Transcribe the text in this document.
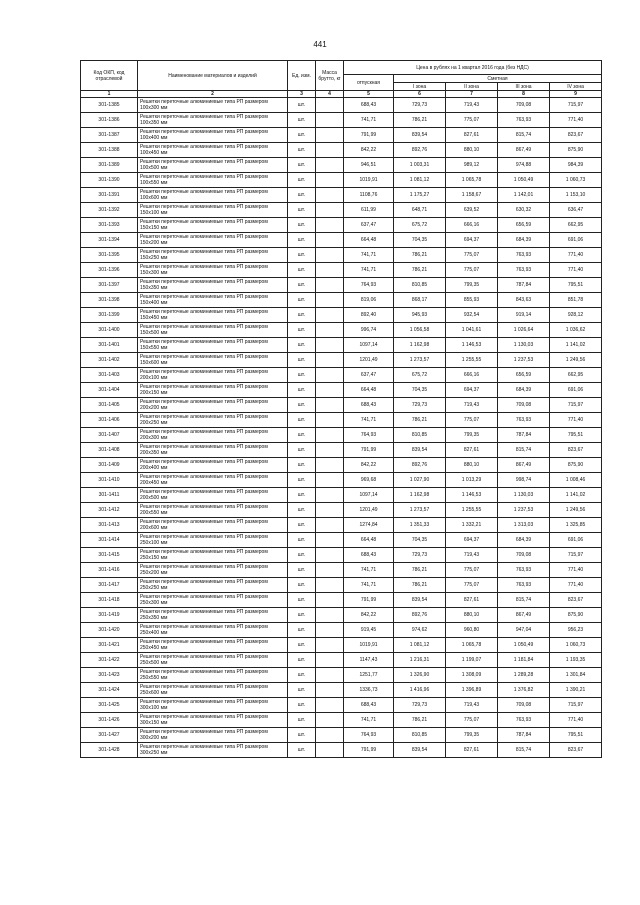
441
Код ОКП, код отраслевой	Наименование материалов и изделий	Ед. изм.	Масса брутто, кг	Цена в рублях на 1 квартал 2016 года (без НДС)				
				отпускная	Сметная			
					I зона	II зона	III зона	IV зона
1	2	3	4	5	6	7	8	9
301-1385	Решетки переточные алюминиевые типа РП размером 100х300 мм	шт.		688,43	729,73	719,43	709,08	715,97
301-1386	Решетки переточные алюминиевые типа РП размером 100х350 мм	шт.		741,71	786,21	775,07	763,93	771,40
301-1387	Решетки переточные алюминиевые типа РП размером 100х400 мм	шт.		791,99	839,54	827,61	815,74	823,67
301-1388	Решетки переточные алюминиевые типа РП размером 100х450 мм	шт.		842,22	892,76	880,10	867,49	875,90
301-1389	Решетки переточные алюминиевые типа РП размером 100х500 мм	шт.		946,51	1 003,31	989,12	974,88	984,39
301-1390	Решетки переточные алюминиевые типа РП размером 100х550 мм	шт.		1019,91	1 081,12	1 065,78	1 050,49	1 060,73
301-1391	Решетки переточные алюминиевые типа РП размером 100х600 мм	шт.		1108,76	1 175,27	1 158,67	1 142,01	1 153,10
301-1392	Решетки переточные алюминиевые типа РП размером 150х100 мм	шт.		611,99	648,71	639,52	630,32	636,47
301-1393	Решетки переточные алюминиевые типа РП размером 150х150 мм	шт.		637,47	675,72	666,16	656,59	662,95
301-1394	Решетки переточные алюминиевые типа РП размером 150х200 мм	шт.		664,48	704,35	694,37	684,39	691,06
301-1395	Решетки переточные алюминиевые типа РП размером 150х250 мм	шт.		741,71	786,21	775,07	763,93	771,40
301-1396	Решетки переточные алюминиевые типа РП размером 150х300 мм	шт.		741,71	786,21	775,07	763,93	771,40
301-1397	Решетки переточные алюминиевые типа РП размером 150х350 мм	шт.		764,93	810,85	799,35	787,84	795,51
301-1398	Решетки переточные алюминиевые типа РП размером 150х400 мм	шт.		819,06	868,17	855,93	843,63	851,78
301-1399	Решетки переточные алюминиевые типа РП размером 150х450 мм	шт.		892,40	945,93	932,54	919,14	928,12
301-1400	Решетки переточные алюминиевые типа РП размером 150х500 мм	шт.		996,74	1 056,58	1 041,61	1 026,64	1 036,62
301-1401	Решетки переточные алюминиевые типа РП размером 150х550 мм	шт.		1097,14	1 162,98	1 146,53	1 130,03	1 141,02
301-1402	Решетки переточные алюминиевые типа РП размером 150х600 мм	шт.		1201,49	1 273,57	1 255,55	1 237,53	1 249,56
301-1403	Решетки переточные алюминиевые типа РП размером 200х100 мм	шт.		637,47	675,72	666,16	656,59	662,95
301-1404	Решетки переточные алюминиевые типа РП размером 200х150 мм	шт.		664,48	704,35	694,37	684,39	691,06
301-1405	Решетки переточные алюминиевые типа РП размером 200х200 мм	шт.		688,43	729,73	719,43	709,08	715,97
301-1406	Решетки переточные алюминиевые типа РП размером 200х250 мм	шт.		741,71	786,21	775,07	763,93	771,40
301-1407	Решетки переточные алюминиевые типа РП размером 200х300 мм	шт.		764,93	810,85	799,35	787,84	795,51
301-1408	Решетки переточные алюминиевые типа РП размером 200х350 мм	шт.		791,99	839,54	827,61	815,74	823,67
301-1409	Решетки переточные алюминиевые типа РП размером 200х400 мм	шт.		842,22	892,76	880,10	867,49	875,90
301-1410	Решетки переточные алюминиевые типа РП размером 200х450 мм	шт.		969,68	1 027,90	1 013,29	998,74	1 008,46
301-1411	Решетки переточные алюминиевые типа РП размером 200х500 мм	шт.		1097,14	1 162,98	1 146,53	1 130,03	1 141,02
301-1412	Решетки переточные алюминиевые типа РП размером 200х550 мм	шт.		1201,49	1 273,57	1 255,55	1 237,53	1 249,56
301-1413	Решетки переточные алюминиевые типа РП размером 200х600 мм	шт.		1274,84	1 351,33	1 332,21	1 313,03	1 325,85
301-1414	Решетки переточные алюминиевые типа РП размером 250х100 мм	шт.		664,48	704,35	694,37	684,39	691,06
301-1415	Решетки переточные алюминиевые типа РП размером 250х150 мм	шт.		688,43	729,73	719,43	709,08	715,97
301-1416	Решетки переточные алюминиевые типа РП размером 250х200 мм	шт.		741,71	786,21	775,07	763,93	771,40
301-1417	Решетки переточные алюминиевые типа РП размером 250х250 мм	шт.		741,71	786,21	775,07	763,93	771,40
301-1418	Решетки переточные алюминиевые типа РП размером 250х300 мм	шт.		791,99	839,54	827,61	815,74	823,67
301-1419	Решетки переточные алюминиевые типа РП размером 250х350 мм	шт.		842,22	892,76	880,10	867,49	875,90
301-1420	Решетки переточные алюминиевые типа РП размером 250х400 мм	шт.		919,45	974,62	960,80	947,04	956,23
301-1421	Решетки переточные алюминиевые типа РП размером 250х450 мм	шт.		1019,91	1 081,12	1 065,78	1 050,49	1 060,73
301-1422	Решетки переточные алюминиевые типа РП размером 250х500 мм	шт.		1147,43	1 216,31	1 199,07	1 181,84	1 193,35
301-1423	Решетки переточные алюминиевые типа РП размером 250х550 мм	шт.		1251,77	1 326,90	1 308,09	1 289,28	1 301,84
301-1424	Решетки переточные алюминиевые типа РП размером 250х600 мм	шт.		1336,73	1 416,96	1 396,89	1 376,82	1 390,21
301-1425	Решетки переточные алюминиевые типа РП размером 300х100 мм	шт.		688,43	729,73	719,43	709,08	715,97
301-1426	Решетки переточные алюминиевые типа РП размером 300х150 мм	шт.		741,71	786,21	775,07	763,93	771,40
301-1427	Решетки переточные алюминиевые типа РП размером 300х200 мм	шт.		764,93	810,85	799,35	787,84	795,51
301-1428	Решетки переточные алюминиевые типа РП размером 300х250 мм	шт.		791,99	839,54	827,61	815,74	823,67
